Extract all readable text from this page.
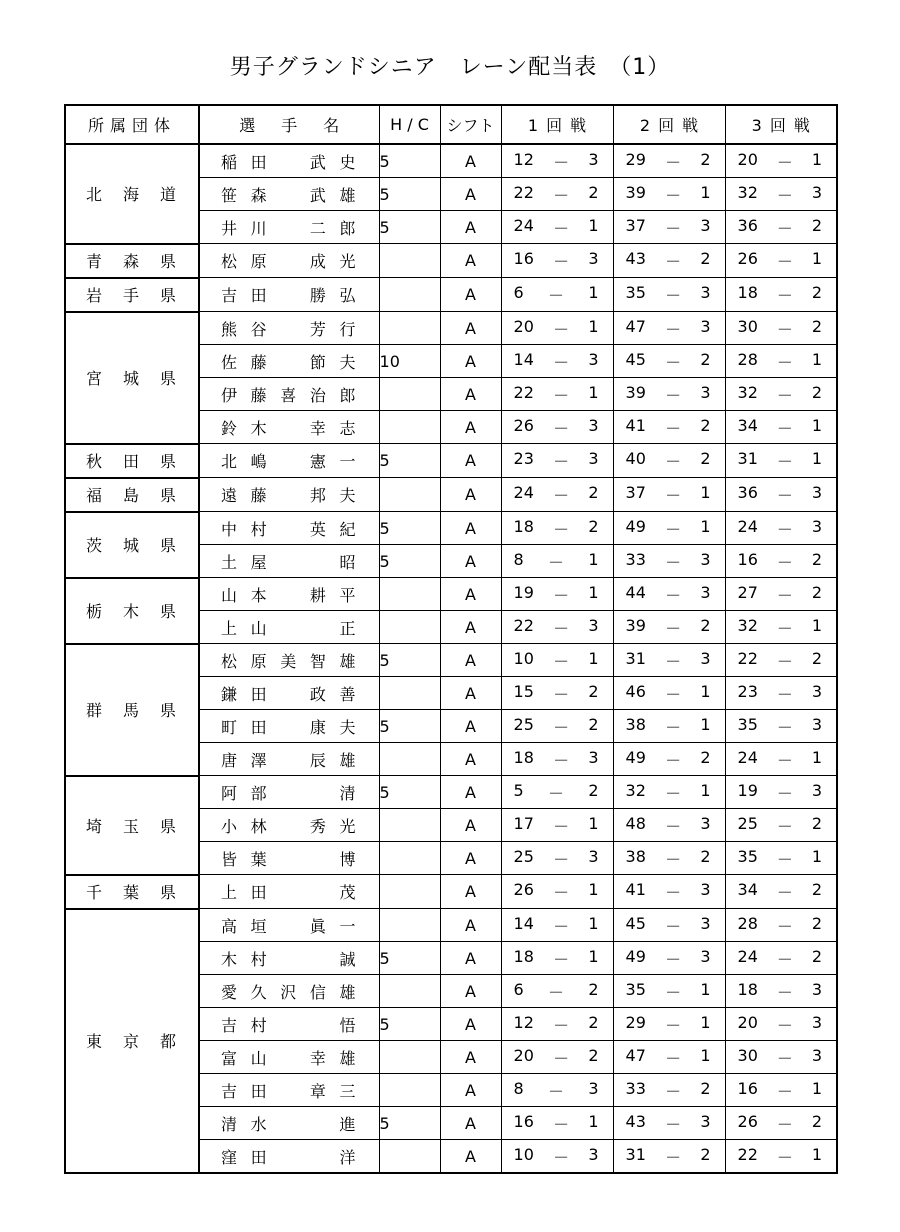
男子グランドシニア　レーン配当表　（1）
所属団体	選手名	H / C	シフト	1回戦	2回戦	3回戦

北 海 道	稲 田 武 史	5	A	12 － 3	29 － 2	20 － 1

	笹 森 武 雄	5	A	22 － 2	39 － 1	32 － 3

	井 川 二 郎	5	A	24 － 1	37 － 3	36 － 2

青 森 県	松 原 成 光		A	16 － 3	43 － 2	26 － 1

岩 手 県	吉 田 勝 弘		A	6 － 1	35 － 3	18 － 2

宮 城 県	熊 谷 芳 行		A	20 － 1	47 － 3	30 － 2

	佐 藤 節 夫	10	A	14 － 3	45 － 2	28 － 1

	伊 藤 喜 治 郎		A	22 － 1	39 － 3	32 － 2

	鈴 木 幸 志		A	26 － 3	41 － 2	34 － 1

秋 田 県	北 嶋 憲 一	5	A	23 － 3	40 － 2	31 － 1

福 島 県	遠 藤 邦 夫		A	24 － 2	37 － 1	36 － 3

茨 城 県	中 村 英 紀	5	A	18 － 2	49 － 1	24 － 3

	土 屋 昭	5	A	8 － 1	33 － 3	16 － 2

栃 木 県	山 本 耕 平		A	19 － 1	44 － 3	27 － 2

	上 山 正		A	22 － 3	39 － 2	32 － 1

群 馬 県	松 原 美 智 雄	5	A	10 － 1	31 － 3	22 － 2

	鎌 田 政 善		A	15 － 2	46 － 1	23 － 3

	町 田 康 夫	5	A	25 － 2	38 － 1	35 － 3

	唐 澤 辰 雄		A	18 － 3	49 － 2	24 － 1

埼 玉 県	阿 部 清	5	A	5 － 2	32 － 1	19 － 3

	小 林 秀 光		A	17 － 1	48 － 3	25 － 2

	皆 葉 博		A	25 － 3	38 － 2	35 － 1

千 葉 県	上 田 茂		A	26 － 1	41 － 3	34 － 2

東 京 都	高 垣 眞 一		A	14 － 1	45 － 3	28 － 2

	木 村 誠	5	A	18 － 1	49 － 3	24 － 2

	愛 久 沢 信 雄		A	6 － 2	35 － 1	18 － 3

	吉 村 悟	5	A	12 － 2	29 － 1	20 － 3

	富 山 幸 雄		A	20 － 2	47 － 1	30 － 3

	吉 田 章 三		A	8 － 3	33 － 2	16 － 1

	清 水 進	5	A	16 － 1	43 － 3	26 － 2

	窪 田 洋		A	10 － 3	31 － 2	22 － 1
